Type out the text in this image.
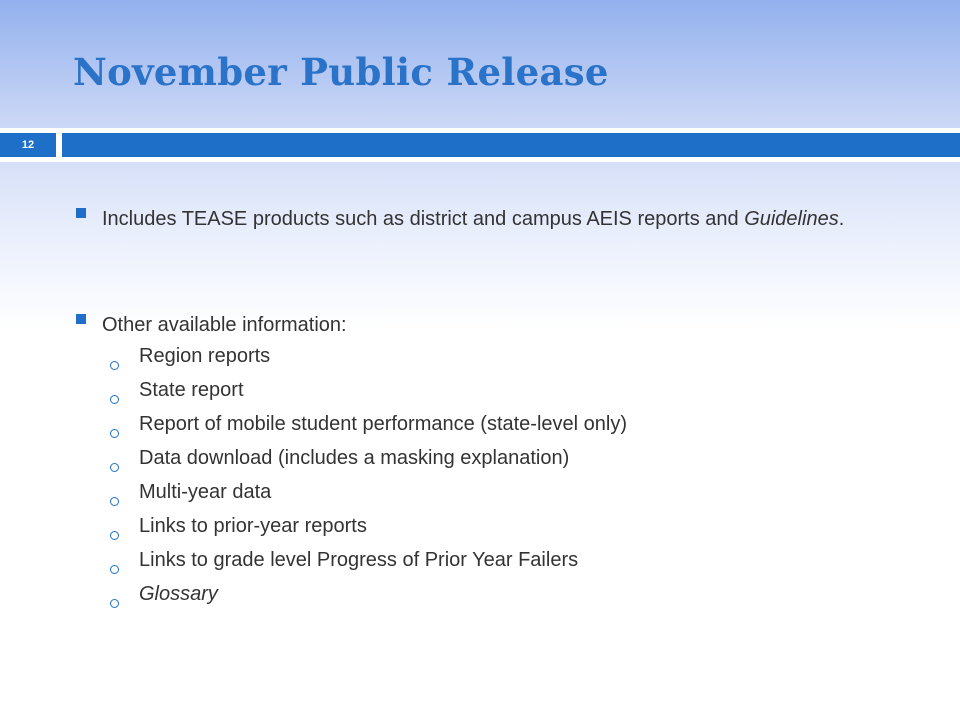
November Public Release
12
Includes TEASE products such as district and campus AEIS reports and Guidelines.
Other available information:
Region reports
State report
Report of mobile student performance (state-level only)
Data download (includes a masking explanation)
Multi-year data
Links to prior-year reports
Links to grade level Progress of Prior Year Failers
Glossary
